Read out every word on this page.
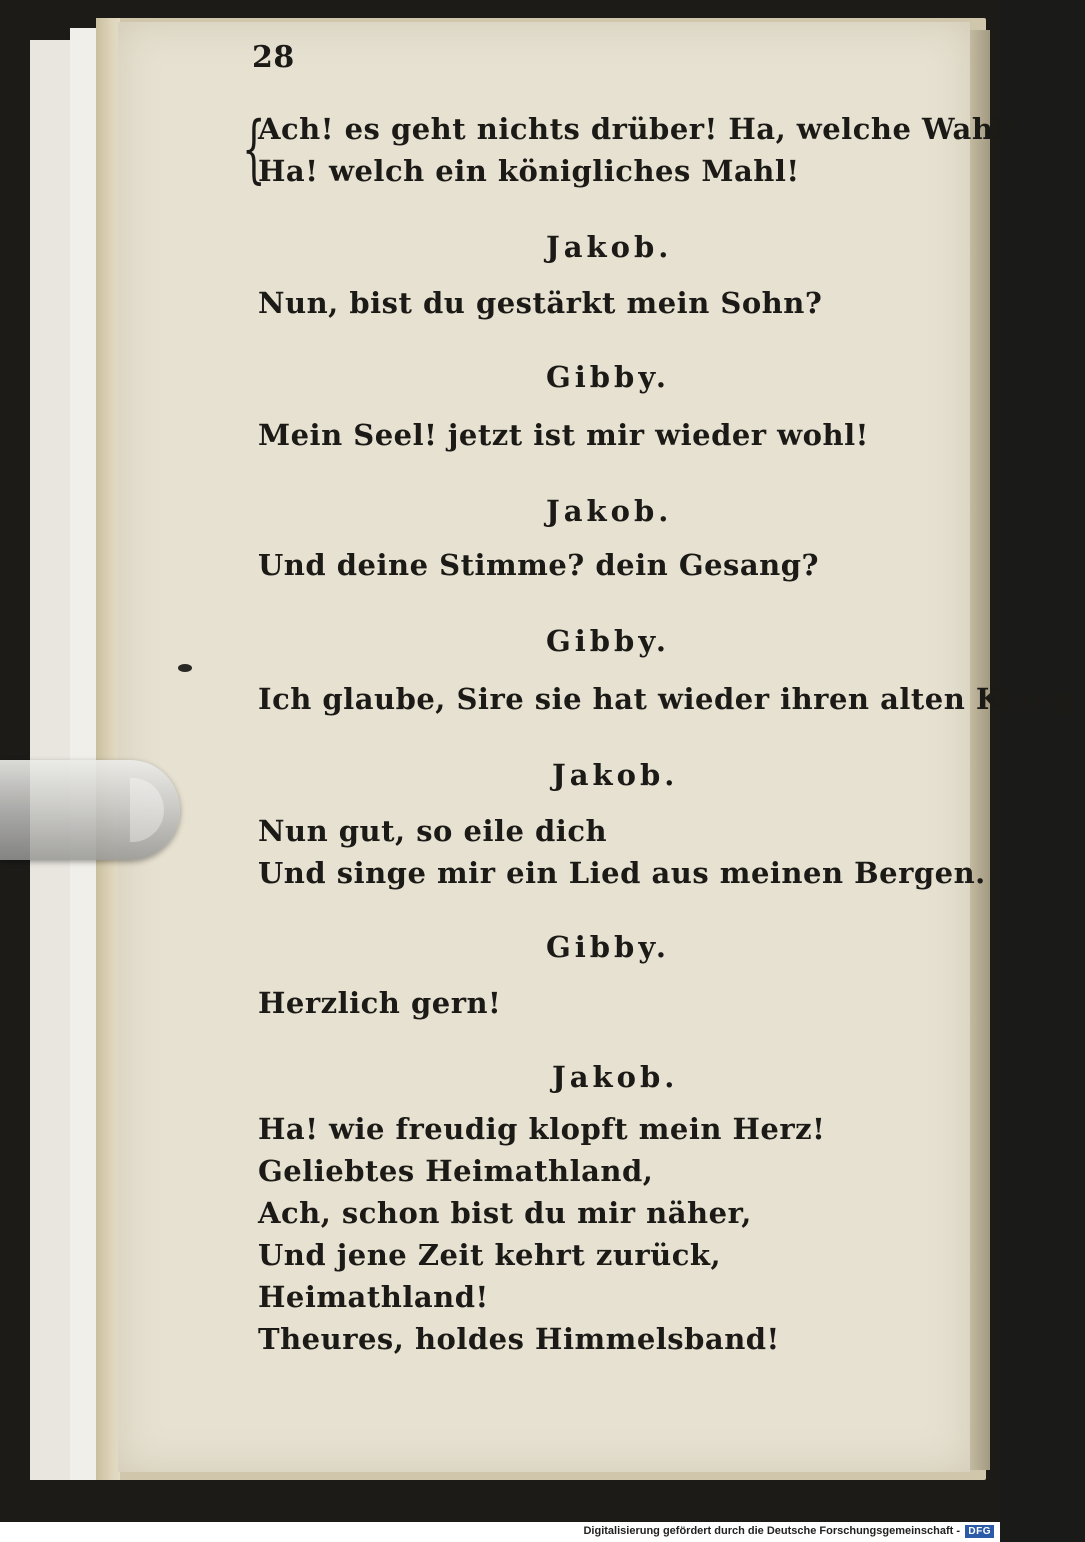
28
{
Ach! es geht nichts drüber! Ha, welche Wahl!
Ha! welch ein königliches Mahl!
Jakob.
Nun, bist du gestärkt mein Sohn?
Gibby.
Mein Seel! jetzt ist mir wieder wohl!
Jakob.
Und deine Stimme? dein Gesang?
Gibby.
Ich glaube, Sire sie hat wieder ihren alten Klang.
Jakob.
Nun gut, so eile dich
Und singe mir ein Lied aus meinen Bergen.
Gibby.
Herzlich gern!
Jakob.
Ha! wie freudig klopft mein Herz!
Geliebtes Heimathland,
Ach, schon bist du mir näher,
Und jene Zeit kehrt zurück,
Heimathland!
Theures, holdes Himmelsband!
Digitalisierung gefördert durch die Deutsche Forschungsgemeinschaft - DFG
